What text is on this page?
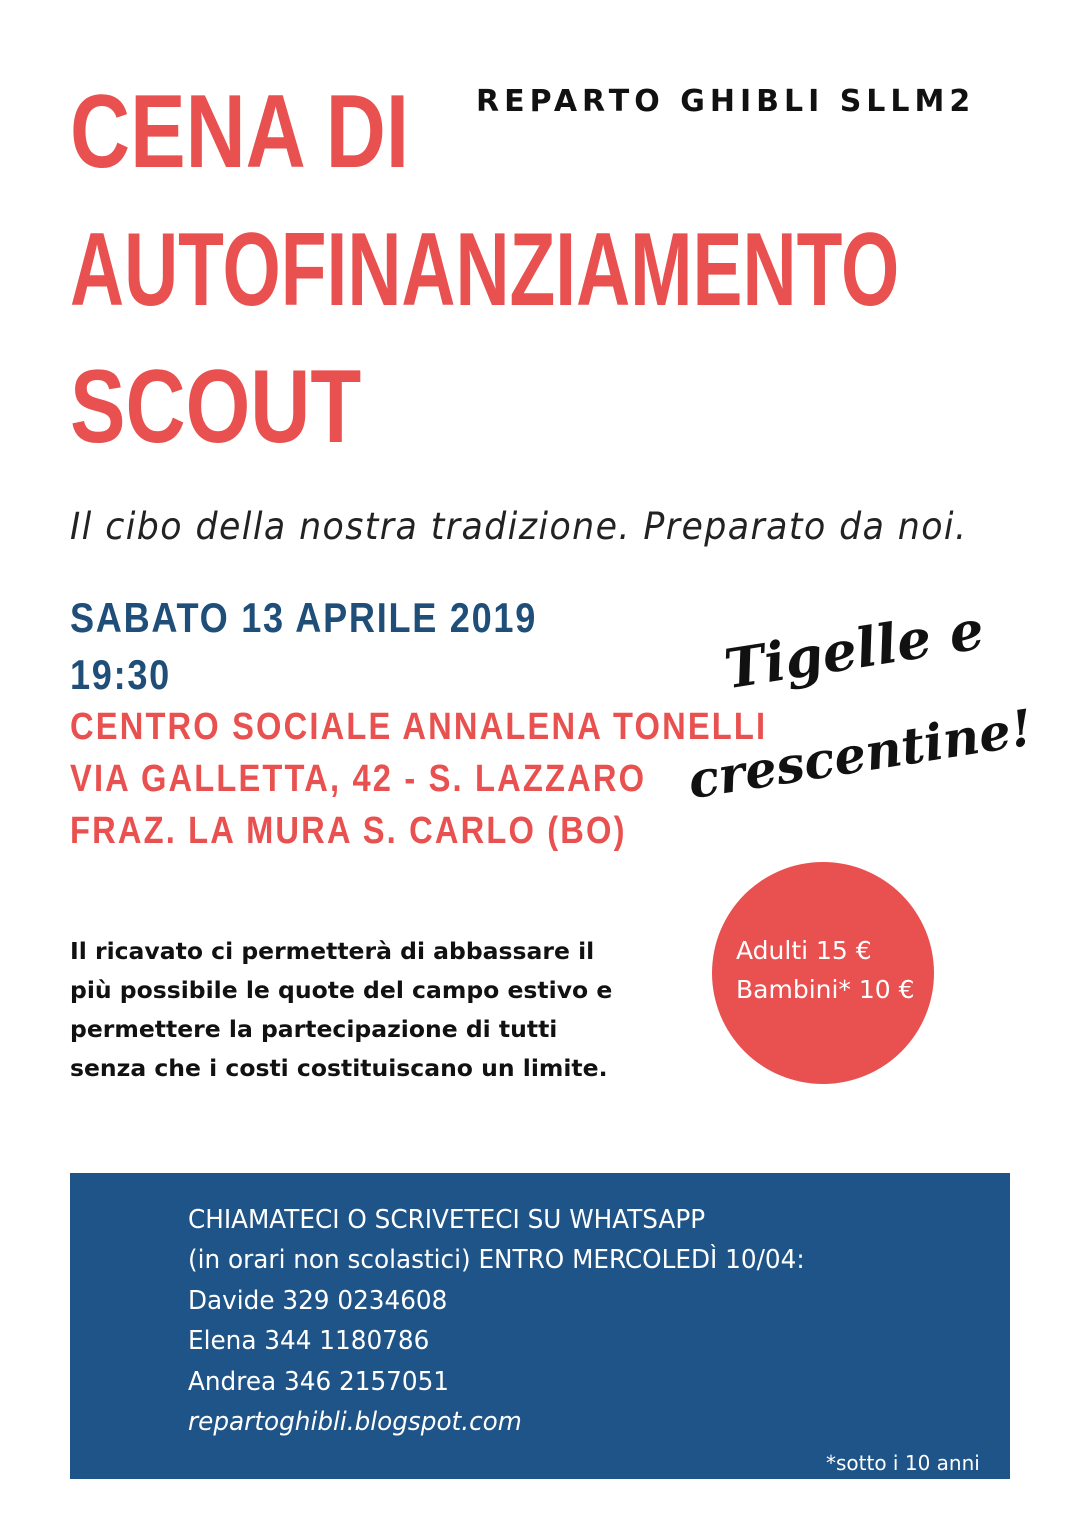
REPARTO GHIBLI SLLM2
CENA DI
AUTOFINANZIAMENTO
SCOUT

Il cibo della nostra tradizione. Preparato da noi.

SABATO 13 APRILE 2019
19:30
CENTRO SOCIALE ANNALENA TONELLI
VIA GALLETTA, 42 - S. LAZZARO
FRAZ. LA MURA S. CARLO (BO)
Tigelle e
crescentine!
Il ricavato ci permetterà di abbassare il
più possibile le quote del campo estivo e
permettere la partecipazione di tutti
senza che i costi costituiscano un limite.
Adulti 15 €
Bambini* 10 €
CHIAMATECI O SCRIVETECI SU WHATSAPP
(in orari non scolastici) ENTRO MERCOLEDÌ 10/04:
Davide 329 0234608
Elena 344 1180786
Andrea 346 2157051
repartoghibli.blogspot.com
*sotto i 10 anni
